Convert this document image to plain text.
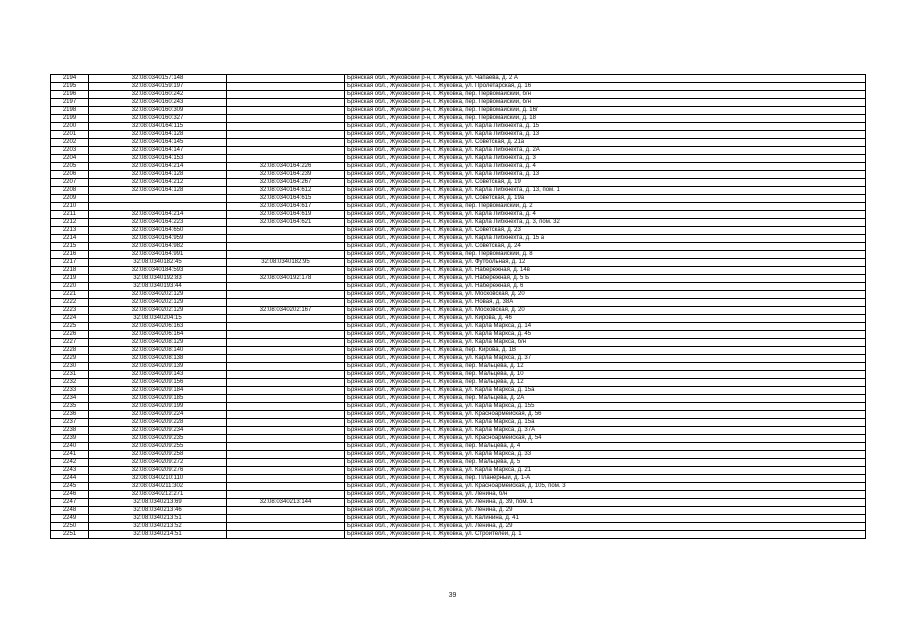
2194	32:08:0340157:148		Брянская обл., Жуковский р-н, г. Жуковка, ул. Чапаева, д. 2 А
2195	32:08:0340159:197		Брянская обл., Жуковский р-н, г. Жуковка, ул. Пролетарская, д. 16
2196	32:08:0340160:242		Брянская обл., Жуковский р-н, г. Жуковка, пер. Первомайский, б/н
2197	32:08:0340160:243		Брянская обл., Жуковский р-н, г. Жуковка, пер. Первомайский, б/н
2198	32:08:0340160:309		Брянская обл., Жуковский р-н, г. Жуковка, пер. Первомайский, д. 16г
2199	32:08:0340160:327		Брянская обл., Жуковский р-н, г. Жуковка, пер. Первомайский, д. 18
2200	32:08:0340164:115		Брянская обл., Жуковский р-н, г. Жуковка, ул. Карла Либкнехта, д. 15
2201	32:08:0340164:128		Брянская обл., Жуковский р-н, г. Жуковка, ул. Карла Либкнехта, д. 13
2202	32:08:0340164:145		Брянская обл., Жуковский р-н, г. Жуковка, ул. Советская, д. 21а
2203	32:08:0340164:147		Брянская обл., Жуковский р-н, г. Жуковка, ул. Карла Либкнехта, д. 2А
2204	32:08:0340164:153		Брянская обл., Жуковский р-н, г. Жуковка, ул. Карла Либкнехта, д. 3
2205	32:08:0340164:214	32:08:0340164:226	Брянская обл., Жуковский р-н, г. Жуковка, ул. Карла Либкнехта, д. 4
2206	32:08:0340164:128	32:08:0340164:239	Брянская обл., Жуковский р-н, г. Жуковка, ул. Карла Либкнехта, д. 13
2207	32:08:0340164:212	32:08:0340164:267	Брянская обл., Жуковский р-н, г. Жуковка, ул. Советская, д. 19
2208	32:08:0340164:128	32:08:0340164:612	Брянская обл., Жуковский р-н, г. Жуковка, ул. Карла Либкнехта, д. 13, пом. 1
2209		32:08:0340164:615	Брянская обл., Жуковский р-н, г. Жуковка, ул. Советская, д. 19а
2210		32:08:0340164:617	Брянская обл., Жуковский р-н, г. Жуковка, пер. Первомайский, д. 2
2211	32:08:0340164:214	32:08:0340164:619	Брянская обл., Жуковский р-н, г. Жуковка, ул. Карла Либкнехта, д. 4
2212	32:08:0340164:223	32:08:0340164:621	Брянская обл., Жуковский р-н, г. Жуковка, ул. Карла Либкнехта, д. 3, пом. 32
2213	32:08:0340164:650		Брянская обл., Жуковский р-н, г. Жуковка, ул. Советская, д. 23
2214	32:08:0340164:959		Брянская обл., Жуковский р-н, г. Жуковка, ул. Карла Либкнехта, д. 15 а
2215	32:08:0340164:982		Брянская обл., Жуковский р-н, г. Жуковка, ул. Советская, д. 24
2216	32:08:0340164:991		Брянская обл., Жуковский р-н, г. Жуковка, пер. Первомайский, д. 8
2217	32:08:0340182:45	32:08:0340182:95	Брянская обл., Жуковский р-н, г. Жуковка, ул. Футбольная, д. 12
2218	32:08:0340184:593		Брянская обл., Жуковский р-н, г. Жуковка, ул. Набережная, д. 14в
2219	32:08:0340192:83	32:08:0340192:178	Брянская обл., Жуковский р-н, г. Жуковка, ул. Набережная, д. 5 Б
2220	32:08:0340193:44		Брянская обл., Жуковский р-н, г. Жуковка, ул. Набережная, д. 6
2221	32:08:0340202:129		Брянская обл., Жуковский р-н, г. Жуковка, ул. Московская, д. 20
2222	32:08:0340202:129		Брянская обл., Жуковский р-н, г. Жуковка, ул. Новая, д. 38А
2223	32:08:0340202:129	32:08:0340202:167	Брянская обл., Жуковский р-н, г. Жуковка, ул. Московская, д. 20
2224	32:08:0340204:15		Брянская обл., Жуковский р-н, г. Жуковка, ул. Кирова, д. 46
2225	32:08:0340206:163		Брянская обл., Жуковский р-н, г. Жуковка, ул. Карла Маркса, д. 14
2226	32:08:0340206:164		Брянская обл., Жуковский р-н, г. Жуковка, ул. Карла Маркса, д. 45
2227	32:08:0340208:129		Брянская обл., Жуковский р-н, г. Жуковка, ул. Карла Маркса, б/н
2228	32:08:0340208:140		Брянская обл., Жуковский р-н, г. Жуковка, пер. Кирова, д. 1В
2229	32:08:0340208:138		Брянская обл., Жуковский р-н, г. Жуковка, ул. Карла Маркса, д. 37
2230	32:08:0340209:139		Брянская обл., Жуковский р-н, г. Жуковка, пер. Мальцева, д. 12
2231	32:08:0340209:143		Брянская обл., Жуковский р-н, г. Жуковка, пер. Мальцева, д. 10
2232	32:08:0340209:156		Брянская обл., Жуковский р-н, г. Жуковка, пер. Мальцева, д. 12
2233	32:08:0340209:184		Брянская обл., Жуковский р-н, г. Жуковка, ул. Карла Маркса, д. 15а
2234	32:08:0340209:185		Брянская обл., Жуковский р-н, г. Жуковка, пер. Мальцева, д. 2А
2235	32:08:0340209:199		Брянская обл., Жуковский р-н, г. Жуковка, ул. Карла Маркса, д. 155
2236	32:08:0340209:224		Брянская обл., Жуковский р-н, г. Жуковка, ул. Красноармейская, д. 56
2237	32:08:0340209:228		Брянская обл., Жуковский р-н, г. Жуковка, ул. Карла Маркса, д. 15а
2238	32:08:0340209:234		Брянская обл., Жуковский р-н, г. Жуковка, ул. Карла Маркса, д. 37А
2239	32:08:0340209:235		Брянская обл., Жуковский р-н, г. Жуковка, ул. Красноармейская, д. 54
2240	32:08:0340209:255		Брянская обл., Жуковский р-н, г. Жуковка, пер. Мальцева, д. 4
2241	32:08:0340209:258		Брянская обл., Жуковский р-н, г. Жуковка, ул. Карла Маркса, д. 33
2242	32:08:0340209:272		Брянская обл., Жуковский р-н, г. Жуковка, пер. Мальцева, д. 5
2243	32:08:0340209:276		Брянская обл., Жуковский р-н, г. Жуковка, ул. Карла Маркса, д. 21
2244	32:08:0340210:110		Брянская обл., Жуковский р-н, г. Жуковка, пер. Планерный, д. 1-А
2245	32:08:0340211:302		Брянская обл., Жуковский р-н, г. Жуковка, ул. Красноармейская, д. 105, пом. 3
2246	32:08:0340212:271		Брянская обл., Жуковский р-н, г. Жуковка, ул. Ленина, б/н
2247	32:08:0340213:69	32:08:0340213:144	Брянская обл., Жуковский р-н, г. Жуковка, ул. Ленина, д. 39, пом. 1
2248	32:08:0340213:46		Брянская обл., Жуковский р-н, г. Жуковка, ул. Ленина, д. 29
2249	32:08:0340213:51		Брянская обл., Жуковский р-н, г. Жуковка, ул. Калинина, д. 41
2250	32:08:0340213:52		Брянская обл., Жуковский р-н, г. Жуковка, ул. Ленина, д. 29
2251	32:08:0340214:51		Брянская обл., Жуковский р-н, г. Жуковка, ул. Строителей, д. 1
39
